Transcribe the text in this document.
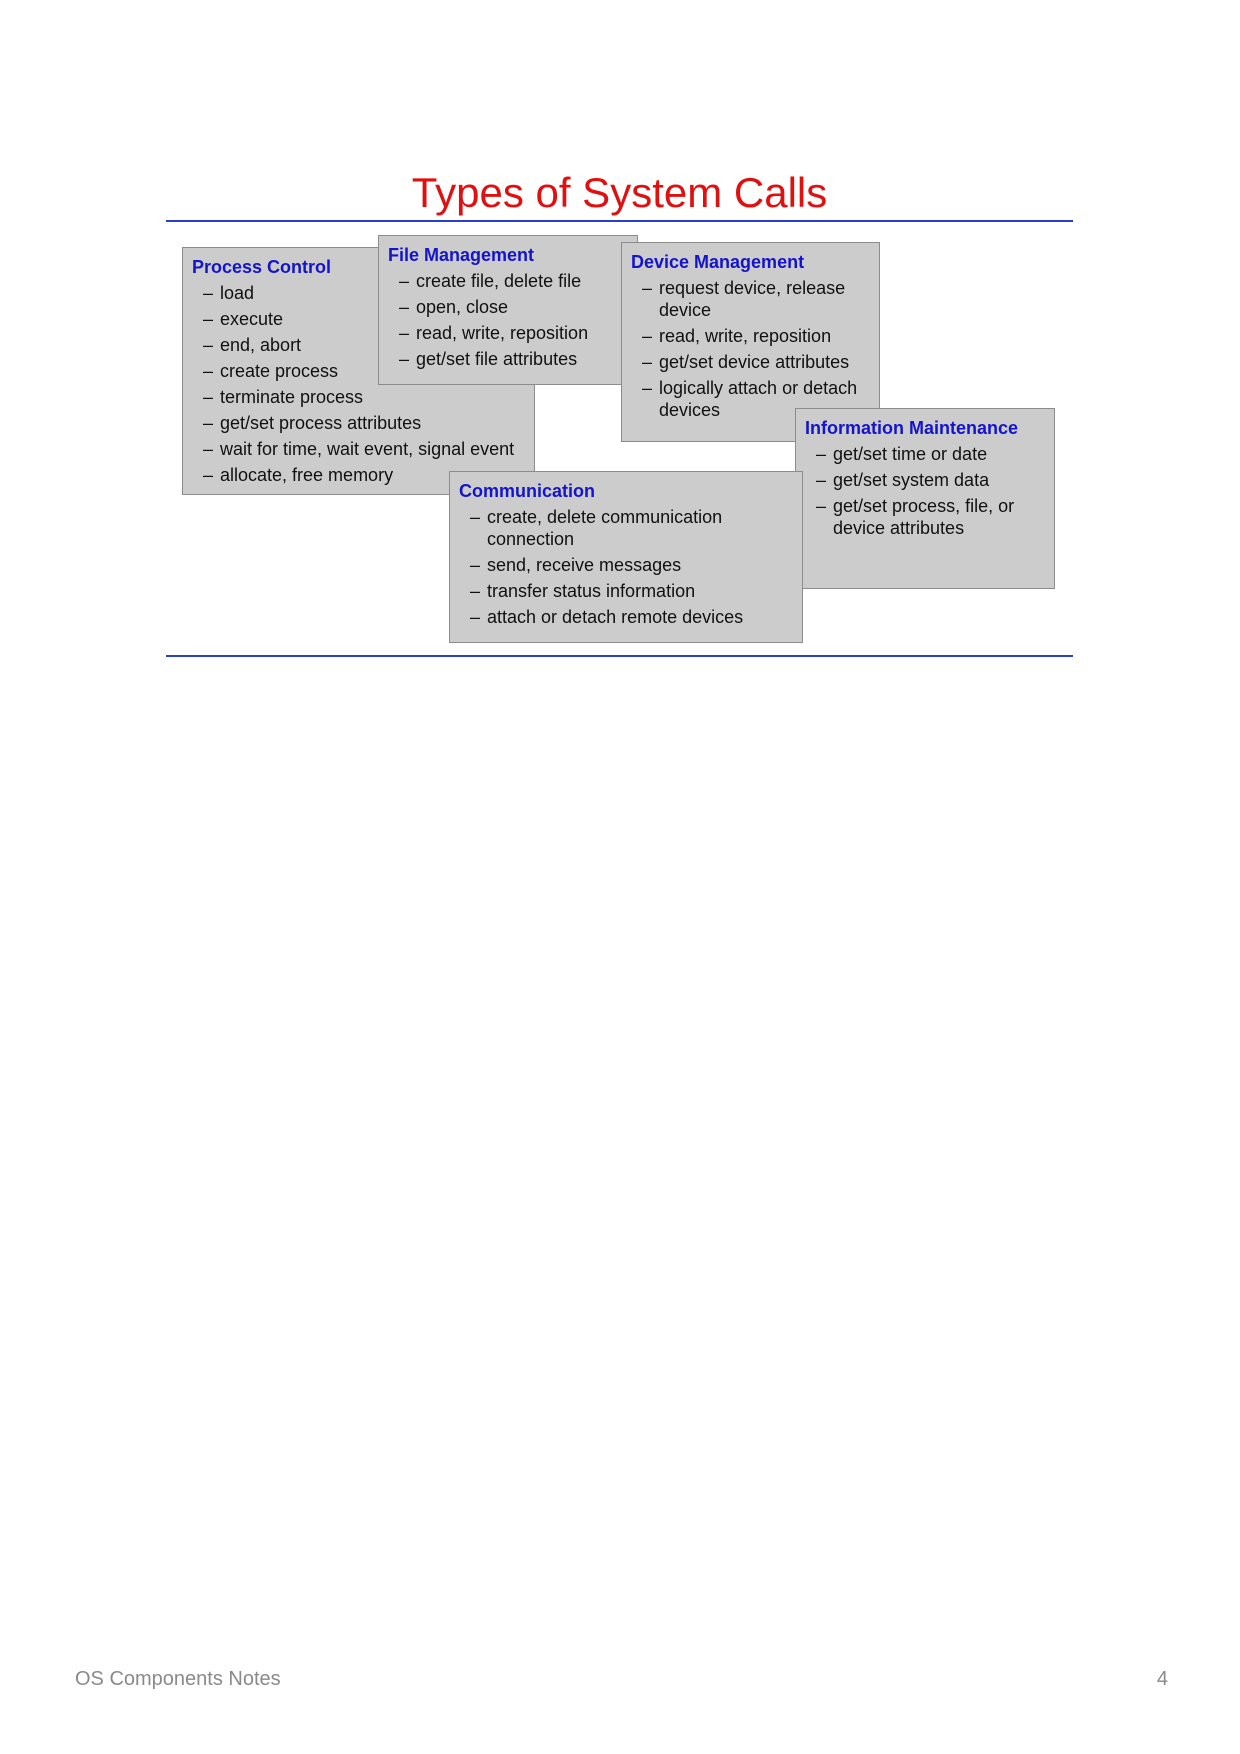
Types of System Calls
Process Control
– load
– execute
– end, abort
– create process
– terminate process
– get/set process attributes
– wait for time, wait event, signal event
– allocate, free memory
File Management
– create file, delete file
– open, close
– read, write, reposition
– get/set file attributes
Device Management
– request device, release device
– read, write, reposition
– get/set device attributes
– logically attach or detach devices
Information Maintenance
– get/set time or date
– get/set system data
– get/set process, file, or device attributes
Communication
– create, delete communication connection
– send, receive messages
– transfer status information
– attach or detach remote devices
OS Components Notes	4
